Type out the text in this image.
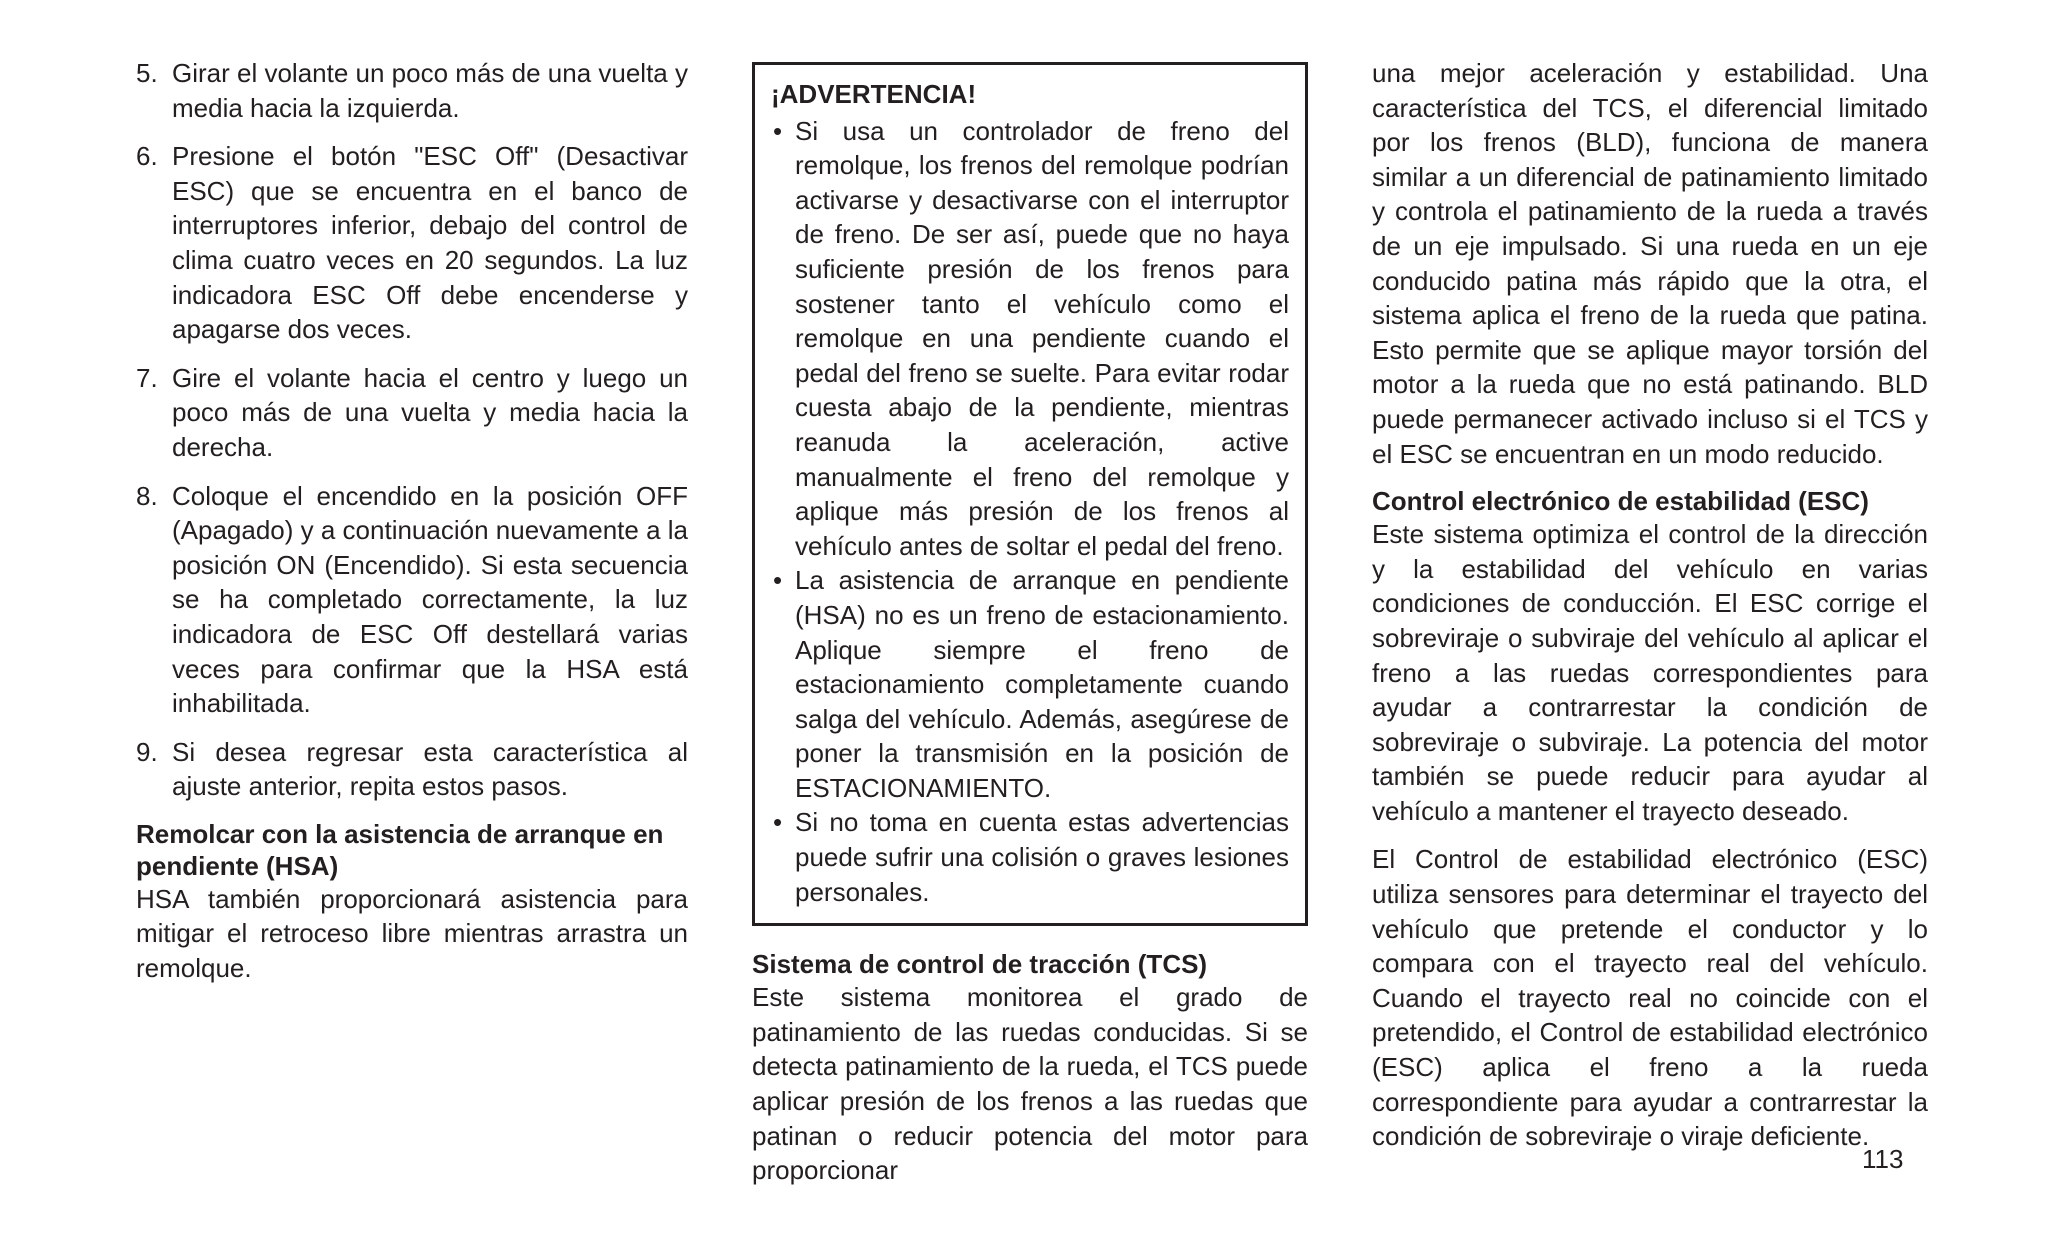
5. Girar el volante un poco más de una vuelta y media hacia la izquierda.
6. Presione el botón "ESC Off" (Desactivar ESC) que se encuentra en el banco de interruptores inferior, debajo del control de clima cuatro veces en 20 segundos. La luz indicadora ESC Off debe encenderse y apagarse dos veces.
7. Gire el volante hacia el centro y luego un poco más de una vuelta y media hacia la derecha.
8. Coloque el encendido en la posición OFF (Apagado) y a continuación nuevamente a la posición ON (Encendido). Si esta secuencia se ha completado correctamente, la luz indicadora de ESC Off destellará varias veces para confirmar que la HSA está inhabilitada.
9. Si desea regresar esta característica al ajuste anterior, repita estos pasos.
Remolcar con la asistencia de arranque en pendiente (HSA)

HSA también proporcionará asistencia para mitigar el retroceso libre mientras arrastra un remolque.

¡ADVERTENCIA!
• Si usa un controlador de freno del remolque, los frenos del remolque podrían activarse y desactivarse con el interruptor de freno. De ser así, puede que no haya suficiente presión de los frenos para sostener tanto el vehículo como el remolque en una pendiente cuando el pedal del freno se suelte. Para evitar rodar cuesta abajo de la pendiente, mientras reanuda la aceleración, active manualmente el freno del remolque y aplique más presión de los frenos al vehículo antes de soltar el pedal del freno.
• La asistencia de arranque en pendiente (HSA) no es un freno de estacionamiento. Aplique siempre el freno de estacionamiento completamente cuando salga del vehículo. Además, asegúrese de poner la transmisión en la posición de ESTACIONAMIENTO.
• Si no toma en cuenta estas advertencias puede sufrir una colisión o graves lesiones personales.
Sistema de control de tracción (TCS)

Este sistema monitorea el grado de patinamiento de las ruedas conducidas. Si se detecta patinamiento de la rueda, el TCS puede aplicar presión de los frenos a las ruedas que patinan o reducir potencia del motor para proporcionar

una mejor aceleración y estabilidad. Una característica del TCS, el diferencial limitado por los frenos (BLD), funciona de manera similar a un diferencial de patinamiento limitado y controla el patinamiento de la rueda a través de un eje impulsado. Si una rueda en un eje conducido patina más rápido que la otra, el sistema aplica el freno de la rueda que patina. Esto permite que se aplique mayor torsión del motor a la rueda que no está patinando. BLD puede permanecer activado incluso si el TCS y el ESC se encuentran en un modo reducido.

Control electrónico de estabilidad (ESC)

Este sistema optimiza el control de la dirección y la estabilidad del vehículo en varias condiciones de conducción. El ESC corrige el sobreviraje o subviraje del vehículo al aplicar el freno a las ruedas correspondientes para ayudar a contrarrestar la condición de sobreviraje o subviraje. La potencia del motor también se puede reducir para ayudar al vehículo a mantener el trayecto deseado.

El Control de estabilidad electrónico (ESC) utiliza sensores para determinar el trayecto del vehículo que pretende el conductor y lo compara con el trayecto real del vehículo. Cuando el trayecto real no coincide con el pretendido, el Control de estabilidad electrónico (ESC) aplica el freno a la rueda correspondiente para ayudar a contrarrestar la condición de sobreviraje o viraje deficiente.

113
